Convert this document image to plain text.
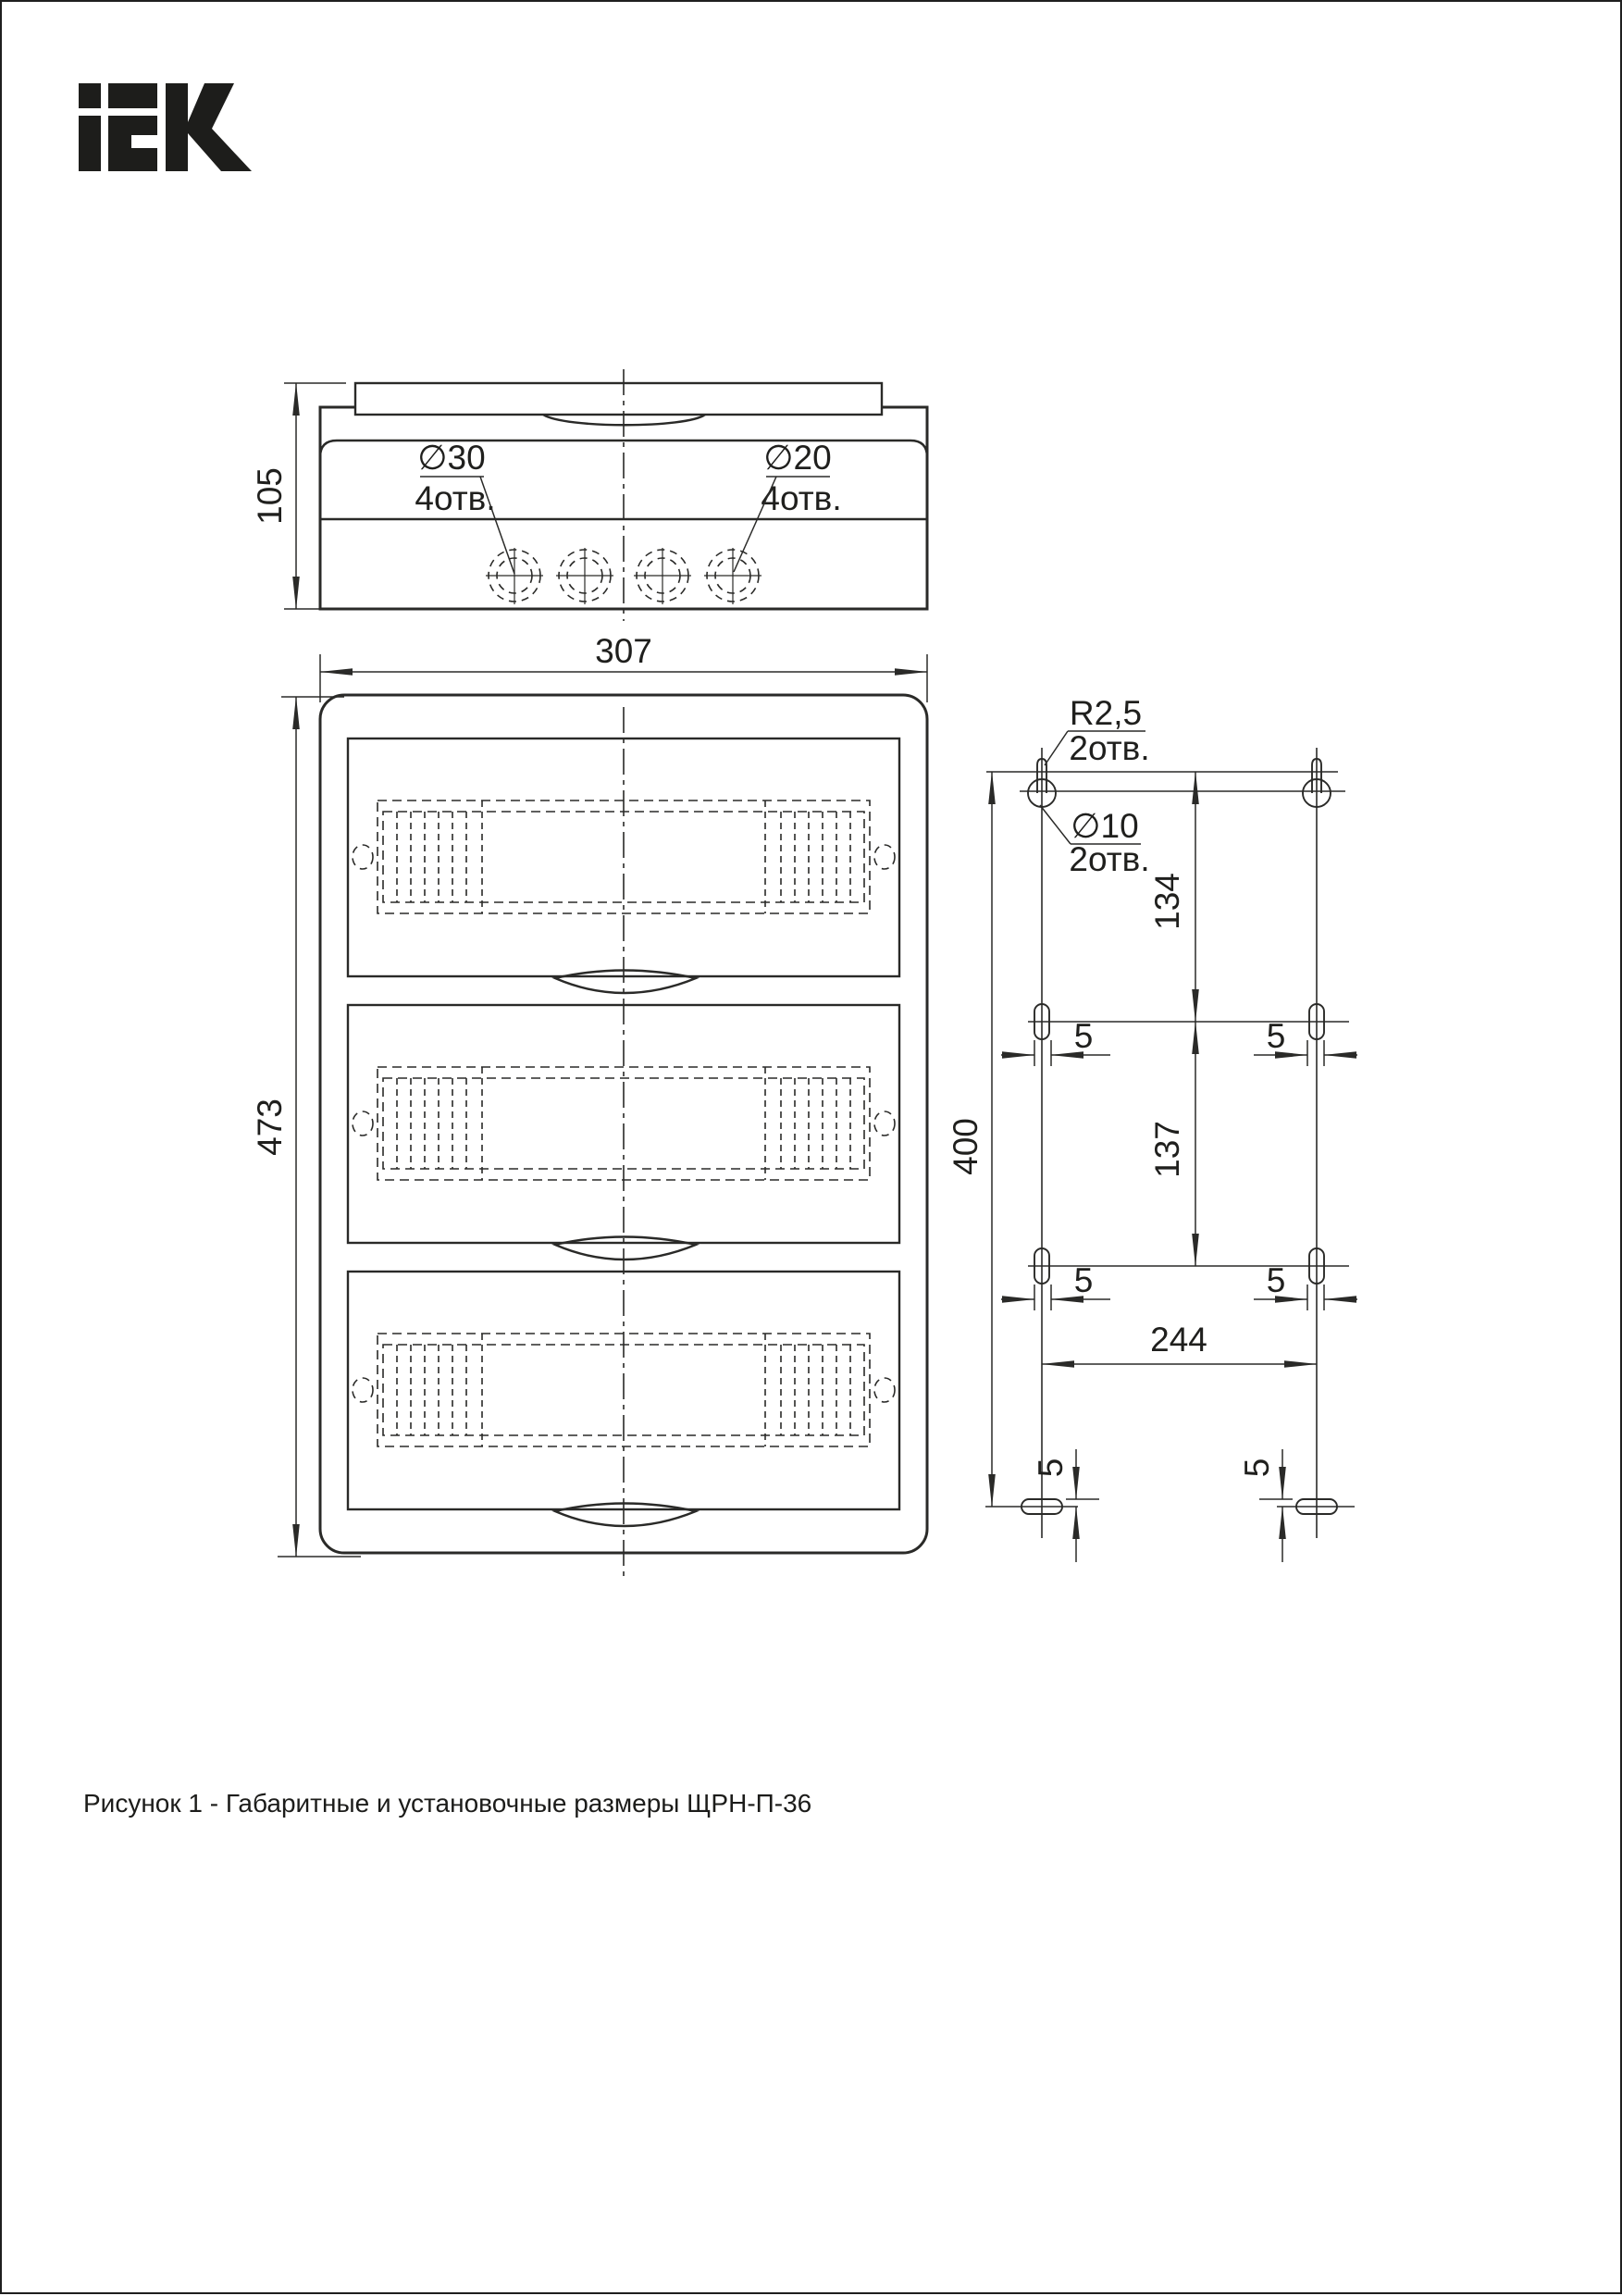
105
∅30
4отв.
∅20
4отв.
307
473
R2,5
2отв.
∅10
2отв.
400
134
137
244
5	5
5	5
5	5
Рисунок 1 - Габаритные и установочные размеры ЩРН-П-36
